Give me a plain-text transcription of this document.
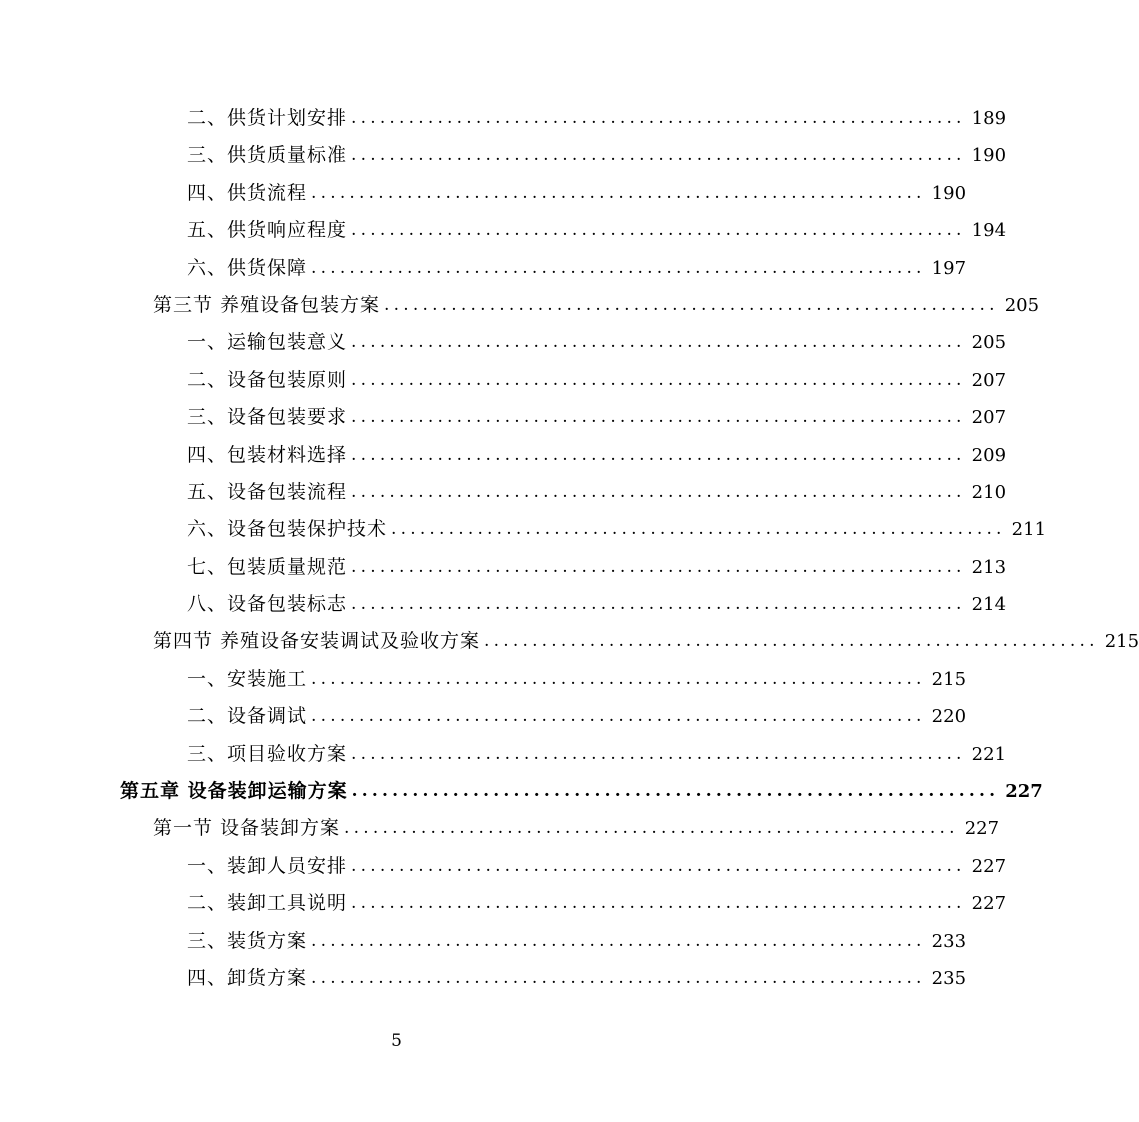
二、供货计划安排 ................................................................ 189
三、供货质量标准 ................................................................ 190
四、供货流程 ................................................................ 190
五、供货响应程度 ................................................................ 194
六、供货保障 ................................................................ 197
第三节 养殖设备包装方案 ................................................................ 205
一、运输包装意义 ................................................................ 205
二、设备包装原则 ................................................................ 207
三、设备包装要求 ................................................................ 207
四、包装材料选择 ................................................................ 209
五、设备包装流程 ................................................................ 210
六、设备包装保护技术 ................................................................ 211
七、包装质量规范 ................................................................ 213
八、设备包装标志 ................................................................ 214
第四节 养殖设备安装调试及验收方案 ................................................................ 215
一、安装施工 ................................................................ 215
二、设备调试 ................................................................ 220
三、项目验收方案 ................................................................ 221
第五章 设备装卸运输方案 ................................................................ 227
第一节 设备装卸方案 ................................................................ 227
一、装卸人员安排 ................................................................ 227
二、装卸工具说明 ................................................................ 227
三、装货方案 ................................................................ 233
四、卸货方案 ................................................................ 235
5
